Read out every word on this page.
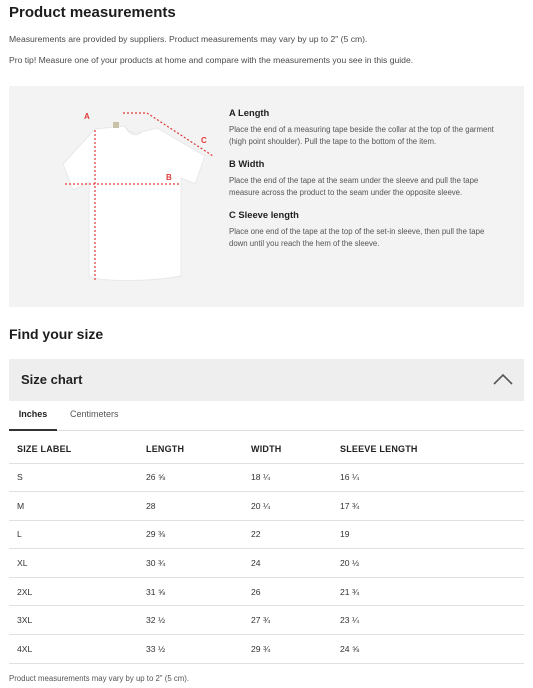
Product measurements
Measurements are provided by suppliers. Product measurements may vary by up to 2" (5 cm).
Pro tip! Measure one of your products at home and compare with the measurements you see in this guide.
A
B
C
A Length
Place the end of a measuring tape beside the collar at the top of the garment (high point shoulder). Pull the tape to the bottom of the item.
B Width
Place the end of the tape at the seam under the sleeve and pull the tape measure across the product to the seam under the opposite sleeve.
C Sleeve length
Place one end of the tape at the top of the set-in sleeve, then pull the tape down until you reach the hem of the sleeve.
Find your size
Size chart
Inches	Centimeters
SIZE LABEL	LENGTH	WIDTH	SLEEVE LENGTH
S	26 ⅝	18 ¼	16 ¼
M	28	20 ¼	17 ¾
L	29 ⅜	22	19
XL	30 ¾	24	20 ½
2XL	31 ⅝	26	21 ¾
3XL	32 ½	27 ¾	23 ¼
4XL	33 ½	29 ¾	24 ⅝
Product measurements may vary by up to 2" (5 cm).
